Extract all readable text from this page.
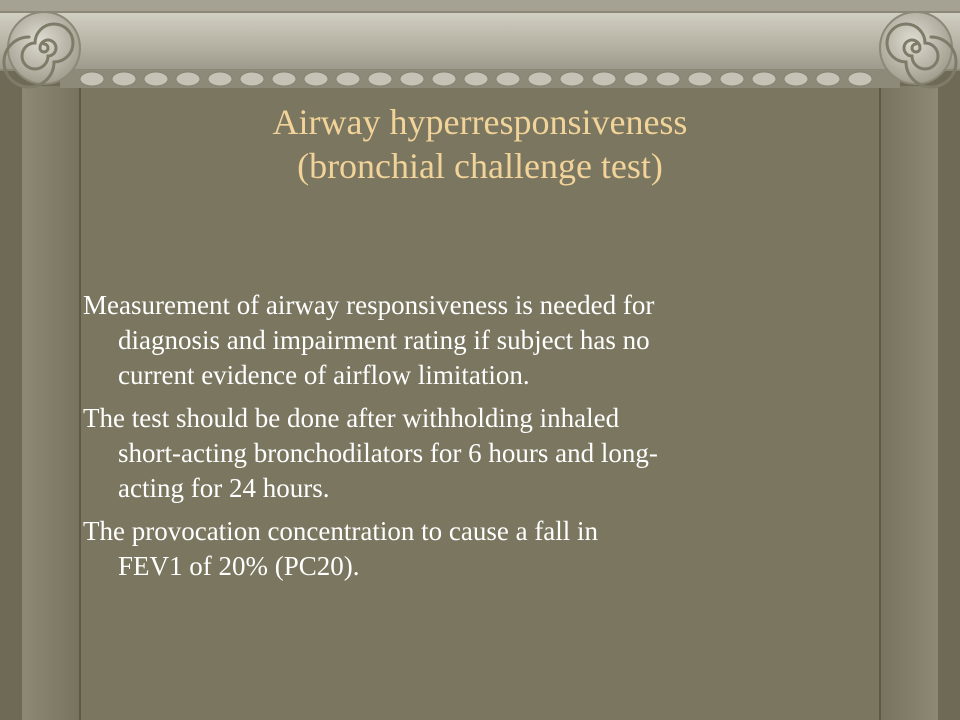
Airway hyperresponsiveness
(bronchial challenge test)

Measurement of airway responsiveness is needed for
diagnosis and impairment rating if subject has no
current evidence of airflow limitation.

The test should be done after withholding inhaled
short-acting bronchodilators for 6 hours and long-
acting for 24 hours.

The provocation concentration to cause a fall in
FEV1 of 20% (PC20).
